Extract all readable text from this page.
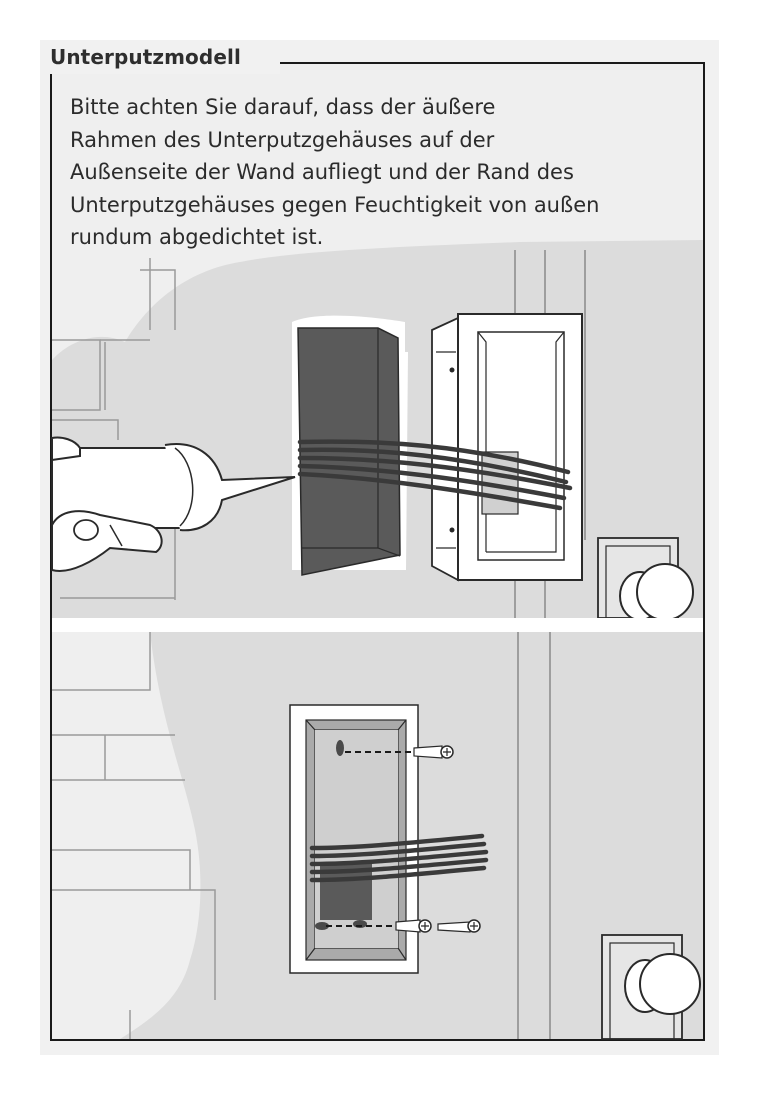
Unterputzmodell

Bitte achten Sie darauf, dass der äußere
Rahmen des Unterputzgehäuses auf der
Außenseite der Wand aufliegt und der Rand des
Unterputzgehäuses gegen Feuchtigkeit von außen
rundum abgedichtet ist.
